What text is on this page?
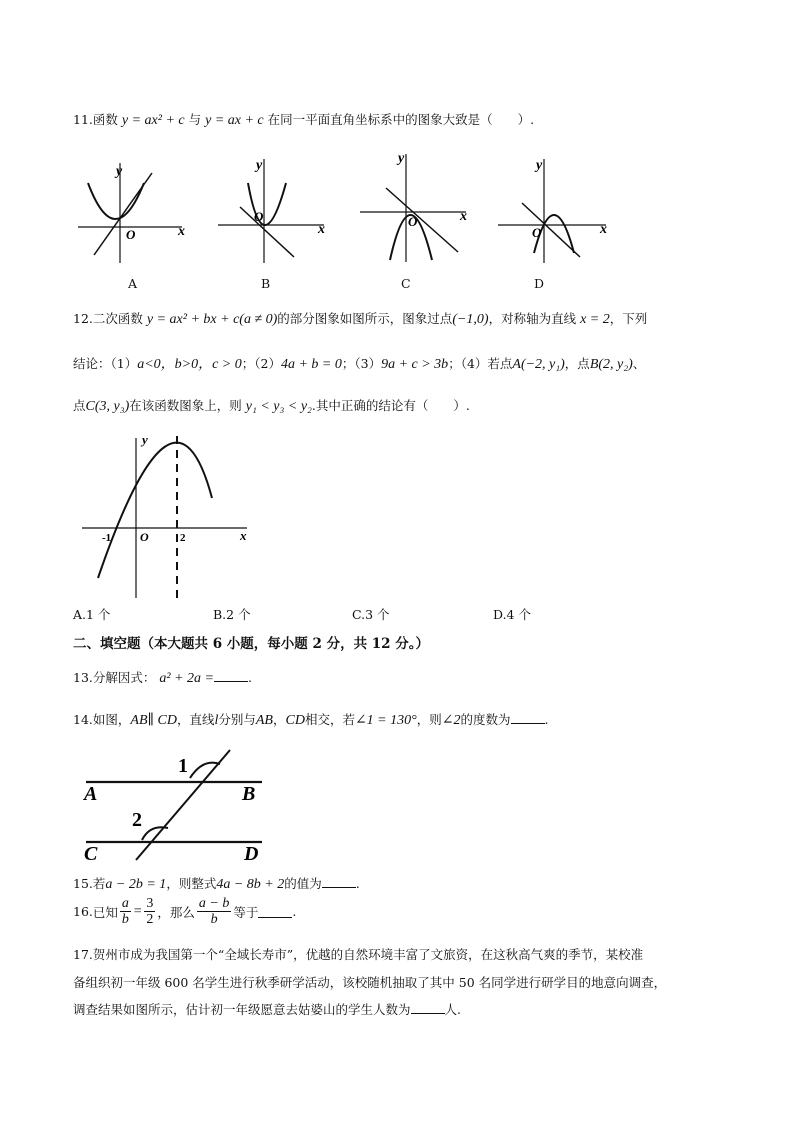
11.函数 y = ax² + c 与 y = ax + c 在同一平面直角坐标系中的图象大致是（　　）.
y
x
O
A
y
x
O
B
y
x
O
C
y
x
O
D
12.二次函数 y = ax² + bx + c(a ≠ 0)的部分图象如图所示，图象过点(−1,0)，对称轴为直线 x = 2，下列
结论：（1）a<0，b>0，c > 0；（2）4a + b = 0；（3）9a + c > 3b；（4）若点A(−2, y₁)，点B(2, y₂)、
点C(3, y₃)在该函数图象上，则 y₁ < y₃ < y₂.其中正确的结论有（　　）.
y
x
O
-1	2
A.1 个	B.2 个	C.3 个	D.4 个
二、填空题（本大题共 6 小题，每小题 2 分，共 12 分。）
13.分解因式： a² + 2a =	.
14.如图，AB∥ CD，直线l分别与AB，CD相交，若∠1 = 130°，则∠2的度数为	.
A	B
C	D
1
2
15.若a − 2b = 1，则整式4a − 8b + 2的值为	.
16. 已知 $\frac{a}{b} = \frac{3}{2}$ ，那么 $\frac{a - b}{b}$ 等于	.
17.贺州市成为我国第一个“全域长寿市”，优越的自然环境丰富了文旅资，在这秋高气爽的季节，某校准
备组织初一年级 600 名学生进行秋季研学活动，该校随机抽取了其中 50 名同学进行研学目的地意向调查，
调查结果如图所示，估计初一年级愿意去姑婆山的学生人数为	人.
